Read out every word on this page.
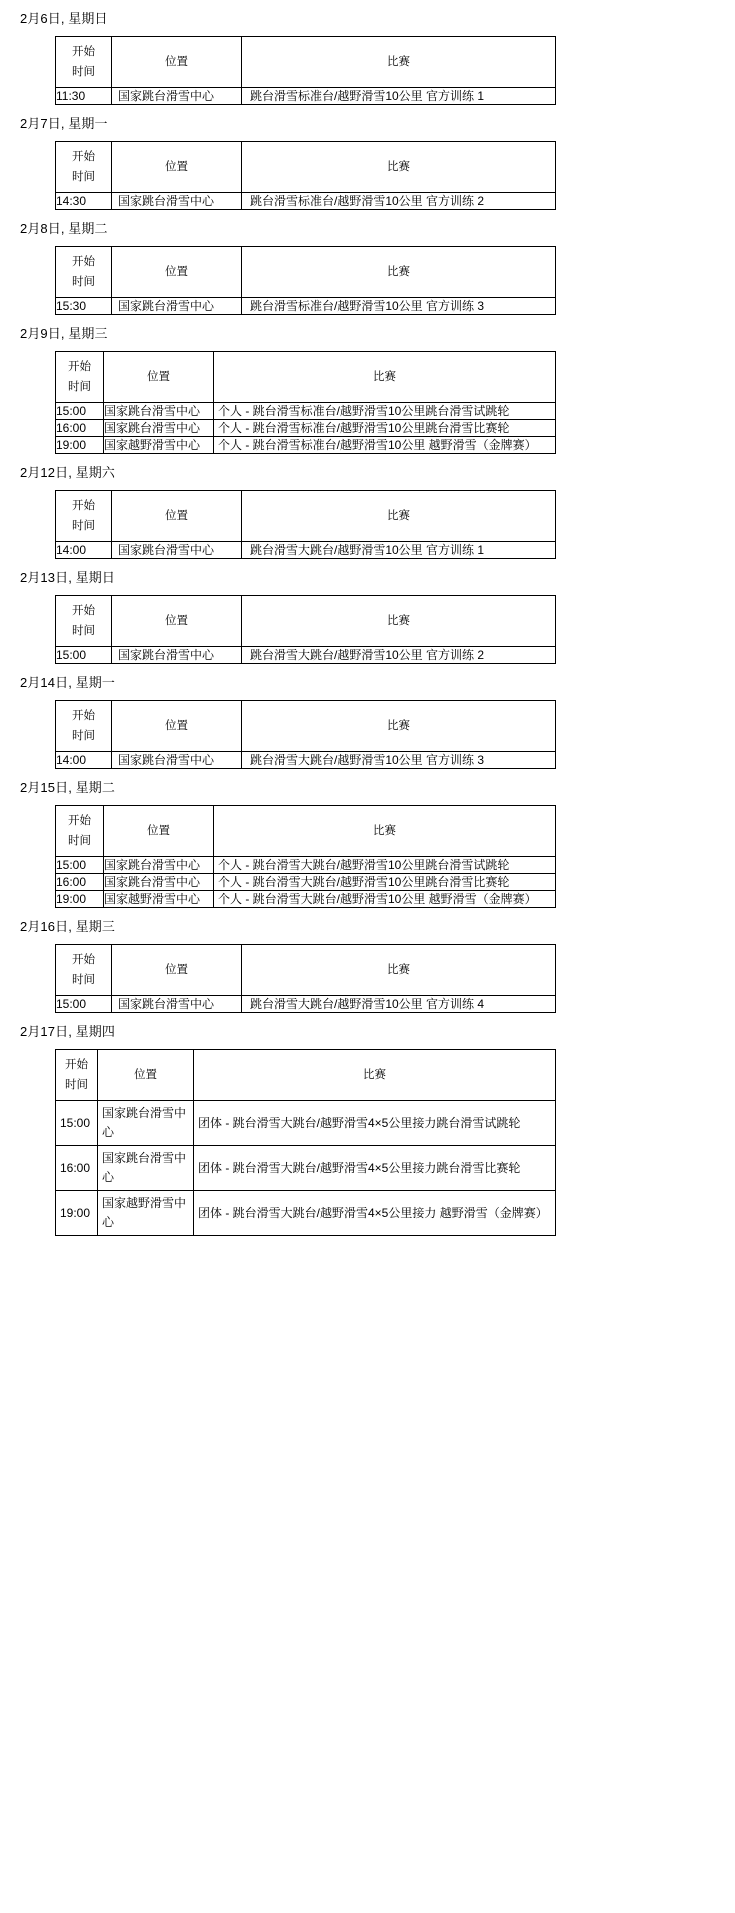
2月6日, 星期日
开始
时间	位置	比赛
11:30	国家跳台滑雪中心	跳台滑雪标准台/越野滑雪10公里 官方训练 1
2月7日, 星期一
开始
时间	位置	比赛
14:30	国家跳台滑雪中心	跳台滑雪标准台/越野滑雪10公里 官方训练 2
2月8日, 星期二
开始
时间	位置	比赛
15:30	国家跳台滑雪中心	跳台滑雪标准台/越野滑雪10公里 官方训练 3
2月9日, 星期三
开始
时间	位置	比赛
15:00	国家跳台滑雪中心	个人 - 跳台滑雪标准台/越野滑雪10公里跳台滑雪试跳轮
16:00	国家跳台滑雪中心	个人 - 跳台滑雪标准台/越野滑雪10公里跳台滑雪比赛轮
19:00	国家越野滑雪中心	个人 - 跳台滑雪标准台/越野滑雪10公里 越野滑雪（金牌赛）
2月12日, 星期六
开始
时间	位置	比赛
14:00	国家跳台滑雪中心	跳台滑雪大跳台/越野滑雪10公里 官方训练 1
2月13日, 星期日
开始
时间	位置	比赛
15:00	国家跳台滑雪中心	跳台滑雪大跳台/越野滑雪10公里 官方训练 2
2月14日, 星期一
开始
时间	位置	比赛
14:00	国家跳台滑雪中心	跳台滑雪大跳台/越野滑雪10公里 官方训练 3
2月15日, 星期二
开始
时间	位置	比赛
15:00	国家跳台滑雪中心	个人 - 跳台滑雪大跳台/越野滑雪10公里跳台滑雪试跳轮
16:00	国家跳台滑雪中心	个人 - 跳台滑雪大跳台/越野滑雪10公里跳台滑雪比赛轮
19:00	国家越野滑雪中心	个人 - 跳台滑雪大跳台/越野滑雪10公里 越野滑雪（金牌赛）
2月16日, 星期三
开始
时间	位置	比赛
15:00	国家跳台滑雪中心	跳台滑雪大跳台/越野滑雪10公里 官方训练 4
2月17日, 星期四
开始
时间	位置	比赛
15:00	国家跳台滑雪中心	团体 - 跳台滑雪大跳台/越野滑雪4×5公里接力跳台滑雪试跳轮
16:00	国家跳台滑雪中心	团体 - 跳台滑雪大跳台/越野滑雪4×5公里接力跳台滑雪比赛轮
19:00	国家越野滑雪中心	团体 - 跳台滑雪大跳台/越野滑雪4×5公里接力 越野滑雪（金牌赛）
